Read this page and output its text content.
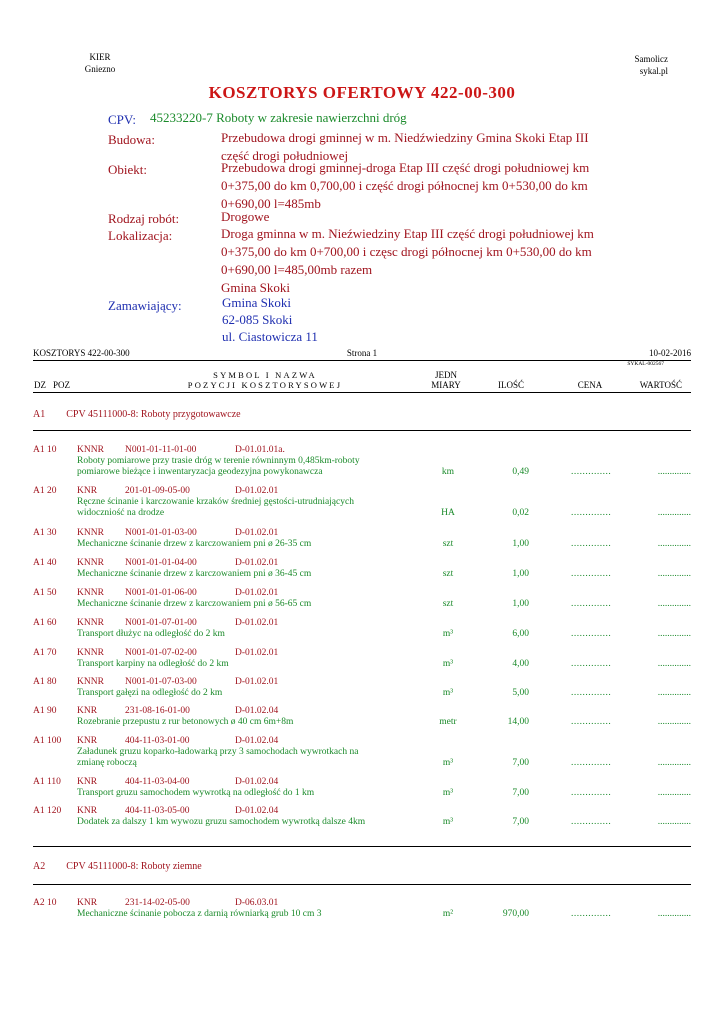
KIER
Gniezno
Samolicz
sykal.pl
KOSZTORYS OFERTOWY 422-00-300
CPV: 45233220-7 Roboty w zakresie nawierzchni dróg
Budowa:	Przebudowa drogi gminnej w m. Niedźwiedziny Gmina Skoki Etap III
część drogi południowej
Obiekt:	Przebudowa drogi gminnej-droga Etap III część drogi południowej km
0+375,00 do km 0,700,00 i część drogi północnej km 0+530,00 do km
0+690,00 l=485mb
Rodzaj robót:	Drogowe
Lokalizacja:	Droga gminna w m. Nieźwiedziny Etap III część drogi południowej km
0+375,00 do km 0+700,00 i częsc drogi północnej km 0+530,00 do km
0+690,00 l=485,00mb razem
Gmina Skoki
Zamawiający:	Gmina Skoki
62-085 Skoki
ul. Ciastowicza 11
KOSZTORYS 422-00-300	Strona 1	10-02-2016
SYKAL-002567
SYMBOL I NAZWA
POZYCJI KOSZTORYSOWEJ
DZ POZ
JEDN
MIARY	ILOŚĆ	CENA	WARTOŚĆ
A1 CPV 45111000-8: Roboty przygotowawcze
A1 10	KNNR	N001-01-11-01-00	D-01.01.01a.
Roboty pomiarowe przy trasie dróg w terenie równinnym 0,485km-roboty
pomiarowe bieżące i inwentaryzacja geodezyjna powykonawcza	km	0,49	..............	..............
A1 20	KNR	201-01-09-05-00	D-01.02.01
Ręczne ścinanie i karczowanie krzaków średniej gęstości-utrudniających
widoczniość na drodze	HA	0,02	..............	..............
A1 30	KNNR	N001-01-01-03-00	D-01.02.01
Mechaniczne ścinanie drzew z karczowaniem pni ø 26-35 cm	szt	1,00	..............	..............
A1 40	KNNR	N001-01-01-04-00	D-01.02.01
Mechaniczne ścinanie drzew z karczowaniem pni ø 36-45 cm	szt	1,00	..............	..............
A1 50	KNNR	N001-01-01-06-00	D-01.02.01
Mechaniczne ścinanie drzew z karczowaniem pni ø 56-65 cm	szt	1,00	..............	..............
A1 60	KNNR	N001-01-07-01-00	D-01.02.01
Transport dłużyc na odległość do 2 km	m³	6,00	..............	..............
A1 70	KNNR	N001-01-07-02-00	D-01.02.01
Transport karpiny na odległość do 2 km	m³	4,00	..............	..............
A1 80	KNNR	N001-01-07-03-00	D-01.02.01
Transport gałęzi na odległość do 2 km	m³	5,00	..............	..............
A1 90	KNR	231-08-16-01-00	D-01.02.04
Rozebranie przepustu z rur betonowych ø 40 cm 6m+8m	metr	14,00	..............	..............
A1 100	KNR	404-11-03-01-00	D-01.02.04
Załadunek gruzu koparko-ładowarką przy 3 samochodach wywrotkach na
zmianę roboczą	m³	7,00	..............	..............
A1 110	KNR	404-11-03-04-00	D-01.02.04
Transport gruzu samochodem wywrotką na odległość do 1 km	m³	7,00	..............	..............
A1 120	KNR	404-11-03-05-00	D-01.02.04
Dodatek za dalszy 1 km wywozu gruzu samochodem wywrotką dalsze 4km	m³	7,00	..............	..............
A2 CPV 45111000-8: Roboty ziemne
A2 10	KNR	231-14-02-05-00	D-06.03.01
Mechaniczne ścinanie pobocza z darnią równiarką grub 10 cm 3	m²	970,00	..............	..............
